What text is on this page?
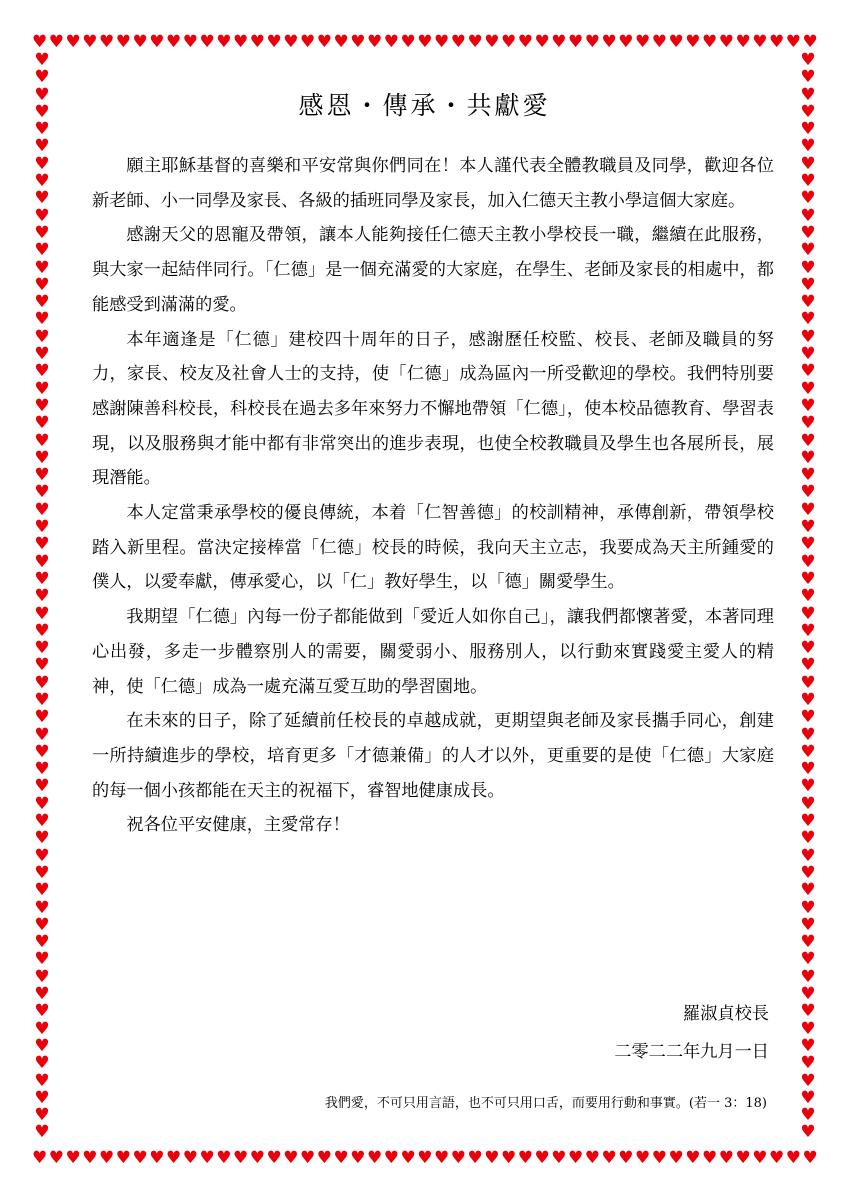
♥ ♥ ♥ ♥ ♥ ♥ ♥ ♥ ♥ ♥ ♥ ♥ ♥ ♥ ♥ ♥ ♥ ♥ ♥ ♥ ♥ ♥ ♥ ♥ ♥ ♥ ♥ ♥ ♥ ♥ ♥ ♥ ♥ ♥ ♥ ♥ ♥ ♥ ♥ ♥ ♥ ♥ ♥ ♥ ♥ ♥ ♥
♥ ♥ ♥ ♥ ♥ ♥ ♥ ♥ ♥ ♥ ♥ ♥ ♥ ♥ ♥ ♥ ♥ ♥ ♥ ♥ ♥ ♥ ♥ ♥ ♥ ♥ ♥ ♥ ♥ ♥ ♥ ♥ ♥ ♥ ♥ ♥ ♥ ♥ ♥ ♥ ♥ ♥ ♥ ♥ ♥ ♥ ♥
♥
♥
♥
♥
♥
♥
♥
♥
♥
♥
♥
♥
♥
♥
♥
♥
♥
♥
♥
♥
♥
♥
♥
♥
♥
♥
♥
♥
♥
♥
♥
♥
♥
♥
♥
♥
♥
♥
♥
♥
♥
♥
♥
♥
♥
♥
♥
♥
♥
♥
♥
♥
♥
♥
♥
♥
♥
♥
♥
♥
♥
♥
♥
♥
♥
♥
♥
♥
♥
♥
♥
♥
♥
♥
♥
♥
♥
♥
♥
♥
♥
♥
♥
♥
♥
♥
♥
♥
♥
♥
♥
♥
♥
♥
♥
♥
♥
♥
♥
♥
♥
♥
♥
♥
♥
♥
♥
♥
♥
♥
♥
♥
♥
♥
♥
♥
♥
♥
♥
♥
♥
♥
♥
♥
♥
♥
感恩・傳承・共獻愛

願主耶穌基督的喜樂和平安常與你們同在！本人謹代表全體教職員及同學，歡迎各位新老師、小一同學及家長、各級的插班同學及家長，加入仁德天主教小學這個大家庭。

感謝天父的恩寵及帶領，讓本人能夠接任仁德天主教小學校長一職，繼續在此服務，與大家一起結伴同行。「仁德」是一個充滿愛的大家庭，在學生、老師及家長的相處中，都能感受到滿滿的愛。

本年適逢是「仁德」建校四十周年的日子，感謝歷任校監、校長、老師及職員的努力，家長、校友及社會人士的支持，使「仁德」成為區內一所受歡迎的學校。我們特別要感謝陳善科校長，科校長在過去多年來努力不懈地帶領「仁德」，使本校品德教育、學習表現，以及服務與才能中都有非常突出的進步表現，也使全校教職員及學生也各展所長，展現潛能。

本人定當秉承學校的優良傳統，本着「仁智善德」的校訓精神，承傳創新，帶領學校踏入新里程。當決定接棒當「仁德」校長的時候，我向天主立志，我要成為天主所鍾愛的僕人，以愛奉獻，傳承愛心，以「仁」教好學生，以「德」關愛學生。

我期望「仁德」內每一份子都能做到「愛近人如你自己」，讓我們都懷著愛，本著同理心出發，多走一步體察別人的需要，關愛弱小、服務別人，以行動來實踐愛主愛人的精神，使「仁德」成為一處充滿互愛互助的學習園地。

在未來的日子，除了延續前任校長的卓越成就，更期望與老師及家長攜手同心，創建一所持續進步的學校，培育更多「才德兼備」的人才以外，更重要的是使「仁德」大家庭的每一個小孩都能在天主的祝福下，睿智地健康成長。

祝各位平安健康，主愛常存！

羅淑貞校長

二零二二年九月一日

我們愛，不可只用言語，也不可只用口舌，而要用行動和事實。(若一 3：18)
